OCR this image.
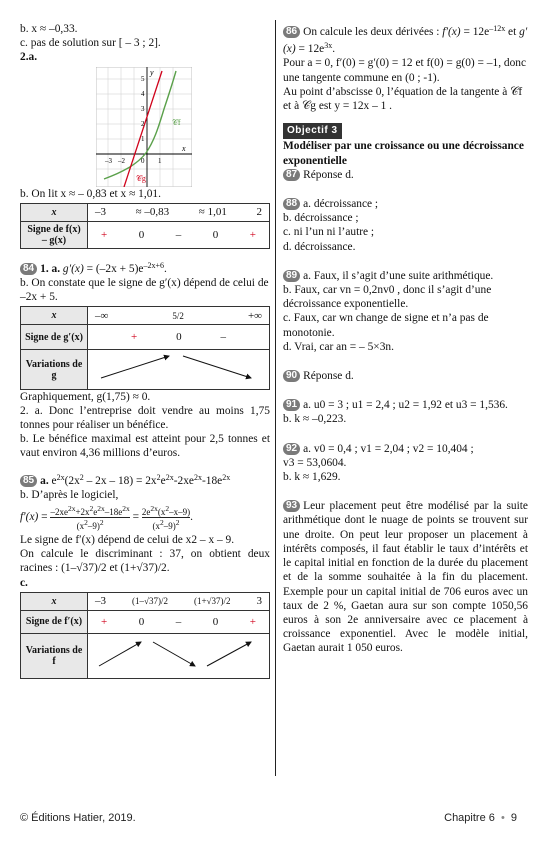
b. x ≈ –0,33.

c. pas de solution sur [ – 3 ; 2].

2.a.

y
x
5
4
3
2
1
–3 –2	1
0
𝒞f
𝒞g

b. On lit x ≈ – 0,83 et x ≈ 1,01.

x	–3 ≈ –0,83 ≈ 1,01 2

Signe de f(x) – g(x)	+ 0 – 0 +

84 1. a. $g'(x) = (-2x + 5)e^{-2x+6}$.

b. On constate que le signe de g′(x) dépend de celui de –2x + 5.

x	–∞ 5/2 +∞

Signe de g′(x)	+ 0 –

Variations de g	

Graphiquement, g(1,75) ≈ 0.

2. a. Donc l’entreprise doit vendre au moins 1,75 tonnes pour réaliser un bénéfice.

b. Le bénéfice maximal est atteint pour 2,5 tonnes et vaut environ 4,36 millions d’euros.

85 a. $e^{2x}(2x^2 - 2x - 18) = 2x^2e^{2x}-2xe^{2x}-18e^{2x}$

b. D’après le logiciel,

$f'(x) = \frac{-2xe^{2x}+2x^2e^{2x}-18e^{2x}}{(x^2-9)^2} = \frac{2e^{2x}(x^2-x-9)}{(x^2-9)^2}$ .

Le signe de f′(x) dépend de celui de x2 – x – 9.

On calcule le discriminant : 37, on obtient deux racines : (1–√37)/2 et (1+√37)/2.

c.

x	–3 (1–√37)/2 (1+√37)/2 3

Signe de f′(x)	+ 0 – 0 +

Variations de f	

86 On calcule les deux dérivées : $f'(x) = 12e^{-12x}$ et $g'(x) = 12e^{3x}$.

Pour a = 0, f′(0) = g′(0) = 12 et f(0) = g(0) = –1, donc une tangente commune en (0 ; -1).

Au point d’abscisse 0, l’équation de la tangente à 𝒞f et à 𝒞g est y = 12x – 1 .

Objectif 3

Modéliser par une croissance ou une décroissance exponentielle

87 Réponse d.

88 a. décroissance ;

b. décroissance ;

c. ni l’un ni l’autre ;

d. décroissance.

89 a. Faux, il s’agit d’une suite arithmétique.

b. Faux, car vn = 0,2nv0 , donc il s’agit d’une décroissance exponentielle.

c. Faux, car wn change de signe et n’a pas de monotonie.

d. Vrai, car an = – 5×3n.

90 Réponse d.

91 a. u0 = 3 ; u1 = 2,4 ; u2 = 1,92 et u3 = 1,536.

b. k ≈ –0,223.

92 a. v0 = 0,4 ; v1 = 2,04 ; v2 = 10,404 ;

v3 = 53,0604.

b. k ≈ 1,629.

93 Leur placement peut être modélisé par la suite arithmétique dont le nuage de points se trouvent sur une droite. On peut leur proposer un placement à intérêts composés, il faut établir le taux d’intérêts et le capital initial en fonction de la durée du placement et de la somme souhaitée à la fin du placement. Exemple pour un capital initial de 706 euros avec un taux de 2 %, Gaetan aura sur son compte 1050,56 euros à son 2e anniversaire avec ce placement à croissance exponentiel. Avec le modèle initial, Gaetan aurait 1 050 euros.

© Éditions Hatier, 2019.	Chapitre 6 • 9
